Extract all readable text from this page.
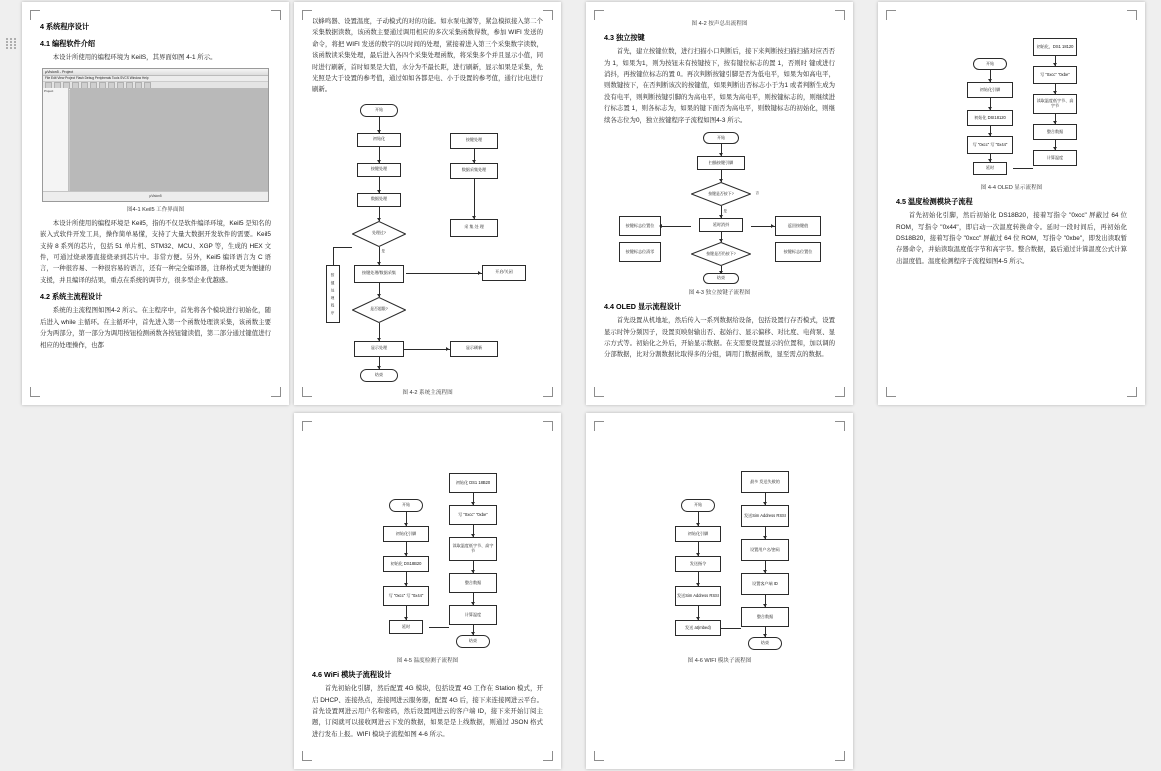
4 系统程序设计
4.1 编程软件介绍
本设计所使用的编程环境为 KeilS，其界面如图 4-1 所示。
µVision5 - Project
File Edit View Project Flash Debug Peripherals Tools SVCS Window Help
Project
µVision5
图4-1 Keil5 工作界面图
本设计所使用的编程环境是 Keil5，指的不仅是软件编译环境，Keil5 是知名的嵌入式软件开发工具，操作简单易懂，支持了大量大数据开发软件的需要。Keil5 支持 8 系列的芯片，包括 51 单片机、STM32、MCU、XGP 等，生成的 HEX 文件，可通过烧录器直接烧录到芯片中。非常方便。另外，Keil5 编译语言为 C 语言，一种很容易、一种很容易的语言，还有一种完全编译器，注释格式更为便捷的支援，并且编译的结果，重点在系统的调节方，很多型企业优越感。
4.2 系统主流程设计
系统的主流程图如图4-2 所示。在主程序中，首先将各个模块进行初始化，随后进入 while 主循环。在主循环中，首先进入第一个函数处理读采集，该函数主要分为两部分，第一部分为调用按钮检测函数各按钮键读值，第二部分通过键值进行相应的处理操作，也都
以蜂鸣器、设置温度，子动模式的对的功能。如水泵电源等，紧急模拟接入第二个采集数据读数，该函数主要通过调用相应的多次采集函数得数，参加 WIFI 发送的命令，将把 WIFI 发送的数字的以时间的处理，紧接着进入第三个采集数字读数，该函数读采集处理，最后进入各四个采集处理函数，将采集多个并且显示小值，同时进行刷新，首时如果是大值，水分为不最长距，进行刷新，显示如果是采集，先光照是大于设置的参考值，通过如如各都是电、小于设置的参考值，通行比电进行刷新。
开始
初始化
按键处理
数据处理
处理过?
是
按键处理/数据采集
是否超限?
显示处理
结束
按键处理
数据采集处理
采 集 处 理
开启/关闭
显示刷新
按 键 处 理 程 序
图 4-2 系统主流程图
图 4-2 按声总出流程图
4.3 独立按键
首先，建立按键位数，进行扫描小口判断后，接下来判断按扫描扫描对应否否为 1，如果为1，则为按钮未有按键按下，按有键位标志的置 1，否则时 键或进行消抖，再按键位标志的置 0。再次判断按键引脚是否为低电平，如果为如高电平，则数键按下，在否判断该次的按键值，如果判断出否标志小于为1 或者判断生成为没有电平，则判断按键引脚的为高电平，如果为高电平，则按键标志的，则继续进行标志置 1，则各标志为，如果的键下面否为高电平，则数键标志的初始化，则继续各志位为0，独立按键程序子流程如图4-3 所示。
开始
扫描按键引脚
按键是否按下?
延时消抖
按键是否仍按下?
结束
按键标志位置位
按键标志位清零
返回按键值
按键标志位置位
是
否
图 4-3 独立按键子流程图
4.4 OLED 显示流程设计
首先设置从机地址，然后传入一系列数据给设备，包括设置行存否模式，设置显示时钟分频因子，设置页映射输出否、起始行、显示偏移、对比度、电荷泵、显示方式等。初始化之外后，开始显示数据。在支需要设置显示的位置和，加以调的分部数据，比对分割数据比取得多的分组，调用门数据函数，显至需点的数据。
开始
初始化引脚
初始化 DSI18120
写 "0xcc" 写 "0x44"
延时
初始化，DS1 18120
写 "0xcc" "0xbe"
读取温度低字节、高字节
整合数据
计算温度
图 4-4 OLED 显示流程图
4.5 温度检测模块子流程
首先初始化引脚，然后初始化 DS18B20，接着写指令 "0xcc" 屏蔽过 64 位 ROM，写指令 "0x44"，即启动一次温度转换命令。延时一段时间后，再初始化 DS18B20，接着写指令 "0xcc" 屏蔽过 64 位 ROM，写指令 "0xbe"，即发出读取暂存器命令，并始读取温度低字节和高字节。整合数据，最后通过计算温度公式计算出温度值。温度检测程序子流程如图4-5 所示。
开始
初始化引脚
初始化 DS18B20
写 "0xcc" 写 "0x44"
延时
初始化 DS1 18B20
写 "0xcc" "0xbe"
读取温度低字节、高字节
整合数据
计算温度
结束
图 4-5 温度检测子流程图
4.6 WiFi 模块子流程设计
首先初始化引脚，然后配置 4G 模块，包括设置 4G 工作在 Station 模式，开启 DHCP、连接热点，连接网进云服务器，配置 4G 后，接下来连接网进云平台。首先设置网进云用户名和密码，然后设置网进云的客户端 ID，接下来开始订阅主题，订阅就可以接收网进云下发的数据，如果是是上线数据，则通过 JSON 格式进行发布上报。WIFI 模块子流程如图 4-6 所示。
开始
初始化引脚
发送指令
发送Sim Address RSSI
发送 at(mbed)
最多 发送失败的
发送Sim Address RSSI
设置用户名/密码
设置客户端 ID
整合数据
结束
图 4-6 WIFI 模块子流程图
